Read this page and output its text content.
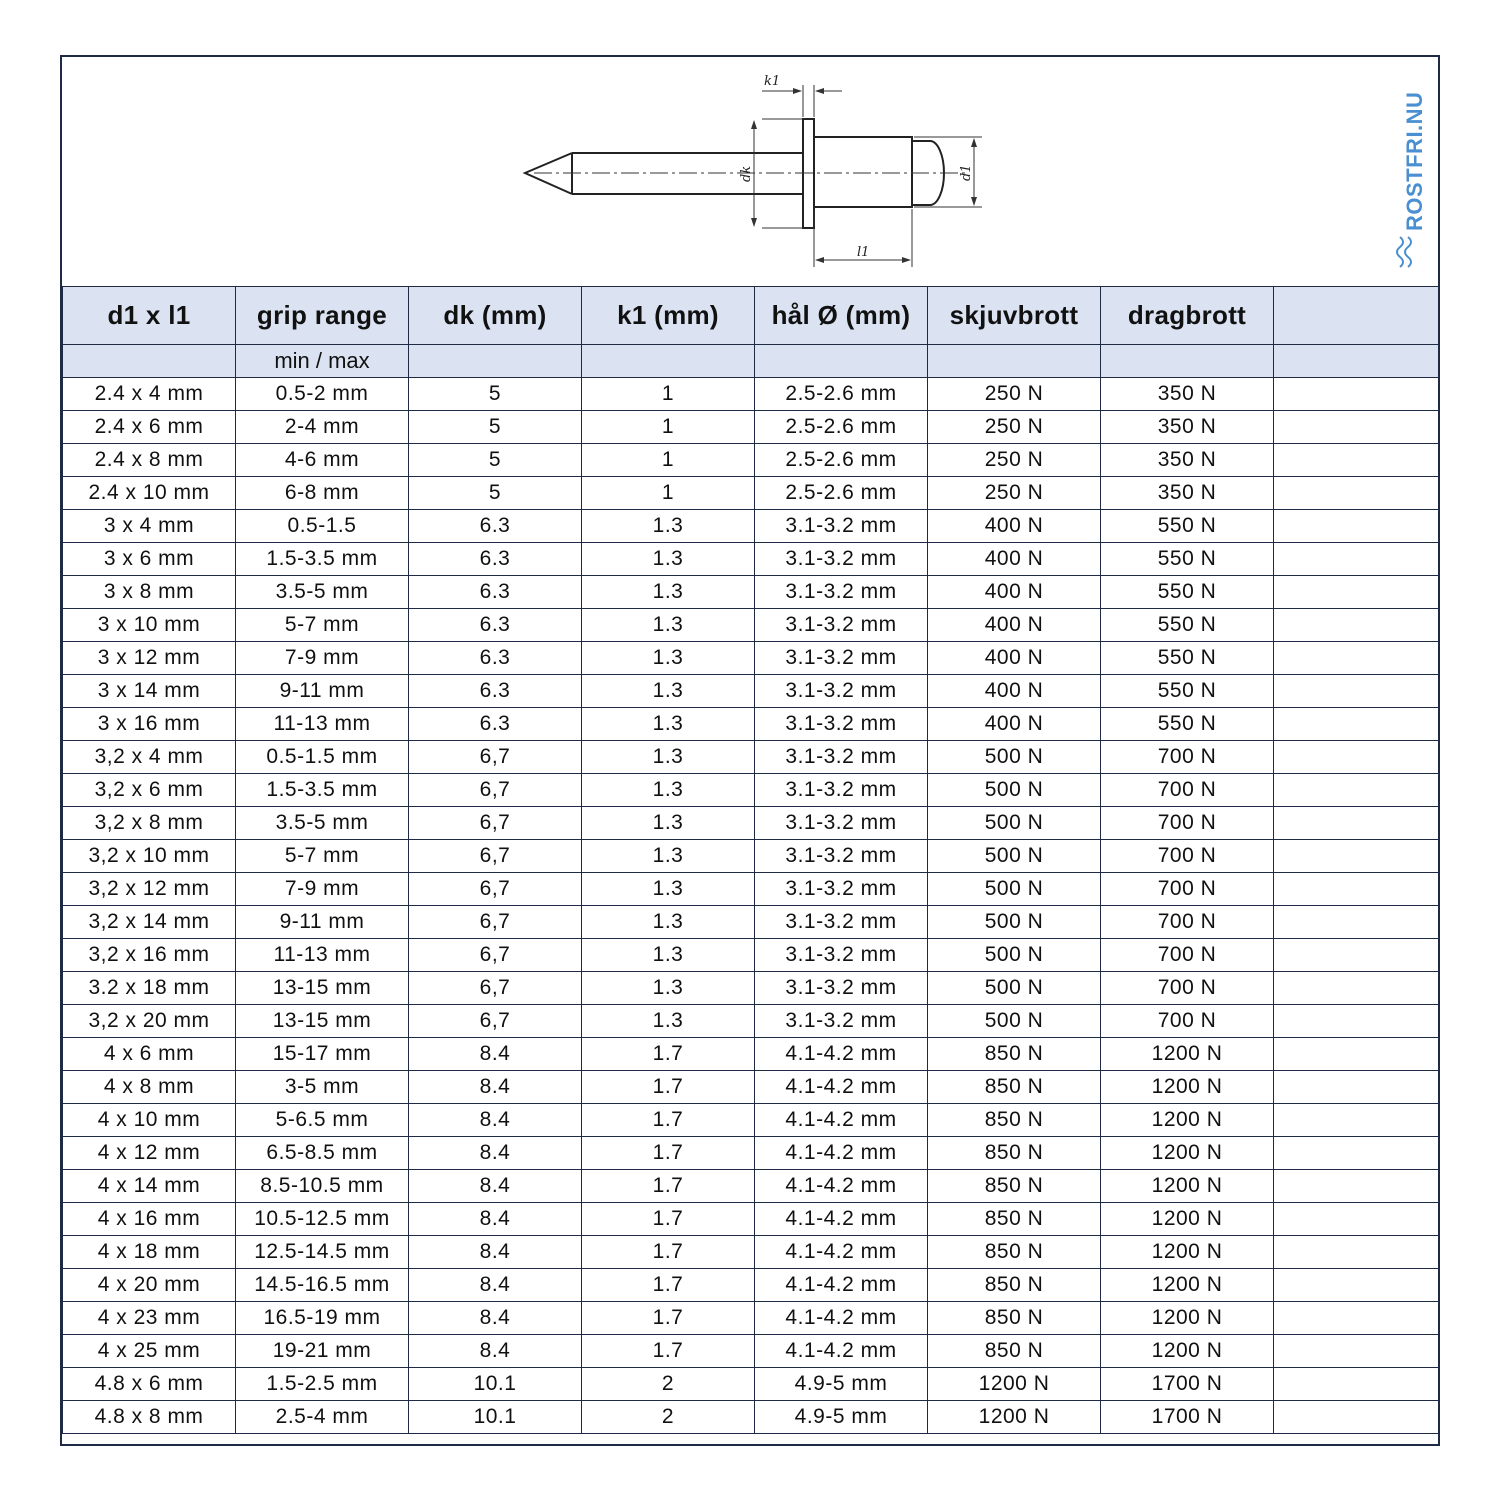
k1
dk	d1
l1
ROSTFRI.NU
d1 x l1	grip range	dk (mm)	k1 (mm)	hål Ø (mm)	skjuvbrott	dragbrott	
	min / max						
2.4 x 4 mm	0.5-2 mm	5	1	2.5-2.6 mm	250 N	350 N	
2.4 x 6 mm	2-4 mm	5	1	2.5-2.6 mm	250 N	350 N	
2.4 x 8 mm	4-6 mm	5	1	2.5-2.6 mm	250 N	350 N	
2.4 x 10 mm	6-8 mm	5	1	2.5-2.6 mm	250 N	350 N	
3 x 4 mm	0.5-1.5	6.3	1.3	3.1-3.2 mm	400 N	550 N	
3 x 6 mm	1.5-3.5 mm	6.3	1.3	3.1-3.2 mm	400 N	550 N	
3 x 8 mm	3.5-5 mm	6.3	1.3	3.1-3.2 mm	400 N	550 N	
3 x 10 mm	5-7 mm	6.3	1.3	3.1-3.2 mm	400 N	550 N	
3 x 12 mm	7-9 mm	6.3	1.3	3.1-3.2 mm	400 N	550 N	
3 x 14 mm	9-11 mm	6.3	1.3	3.1-3.2 mm	400 N	550 N	
3 x 16 mm	11-13 mm	6.3	1.3	3.1-3.2 mm	400 N	550 N	
3,2 x 4 mm	0.5-1.5 mm	6,7	1.3	3.1-3.2 mm	500 N	700 N	
3,2 x 6 mm	1.5-3.5 mm	6,7	1.3	3.1-3.2 mm	500 N	700 N	
3,2 x 8 mm	3.5-5 mm	6,7	1.3	3.1-3.2 mm	500 N	700 N	
3,2 x 10 mm	5-7 mm	6,7	1.3	3.1-3.2 mm	500 N	700 N	
3,2 x 12 mm	7-9 mm	6,7	1.3	3.1-3.2 mm	500 N	700 N	
3,2 x 14 mm	9-11 mm	6,7	1.3	3.1-3.2 mm	500 N	700 N	
3,2 x 16 mm	11-13 mm	6,7	1.3	3.1-3.2 mm	500 N	700 N	
3.2 x 18 mm	13-15 mm	6,7	1.3	3.1-3.2 mm	500 N	700 N	
3,2 x 20 mm	13-15 mm	6,7	1.3	3.1-3.2 mm	500 N	700 N	
4 x 6 mm	15-17 mm	8.4	1.7	4.1-4.2 mm	850 N	1200 N	
4 x 8 mm	3-5 mm	8.4	1.7	4.1-4.2 mm	850 N	1200 N	
4 x 10 mm	5-6.5 mm	8.4	1.7	4.1-4.2 mm	850 N	1200 N	
4 x 12 mm	6.5-8.5 mm	8.4	1.7	4.1-4.2 mm	850 N	1200 N	
4 x 14 mm	8.5-10.5 mm	8.4	1.7	4.1-4.2 mm	850 N	1200 N	
4 x 16 mm	10.5-12.5 mm	8.4	1.7	4.1-4.2 mm	850 N	1200 N	
4 x 18 mm	12.5-14.5 mm	8.4	1.7	4.1-4.2 mm	850 N	1200 N	
4 x 20 mm	14.5-16.5 mm	8.4	1.7	4.1-4.2 mm	850 N	1200 N	
4 x 23 mm	16.5-19 mm	8.4	1.7	4.1-4.2 mm	850 N	1200 N	
4 x 25 mm	19-21 mm	8.4	1.7	4.1-4.2 mm	850 N	1200 N	
4.8 x 6 mm	1.5-2.5 mm	10.1	2	4.9-5 mm	1200 N	1700 N	
4.8 x 8 mm	2.5-4 mm	10.1	2	4.9-5 mm	1200 N	1700 N	
